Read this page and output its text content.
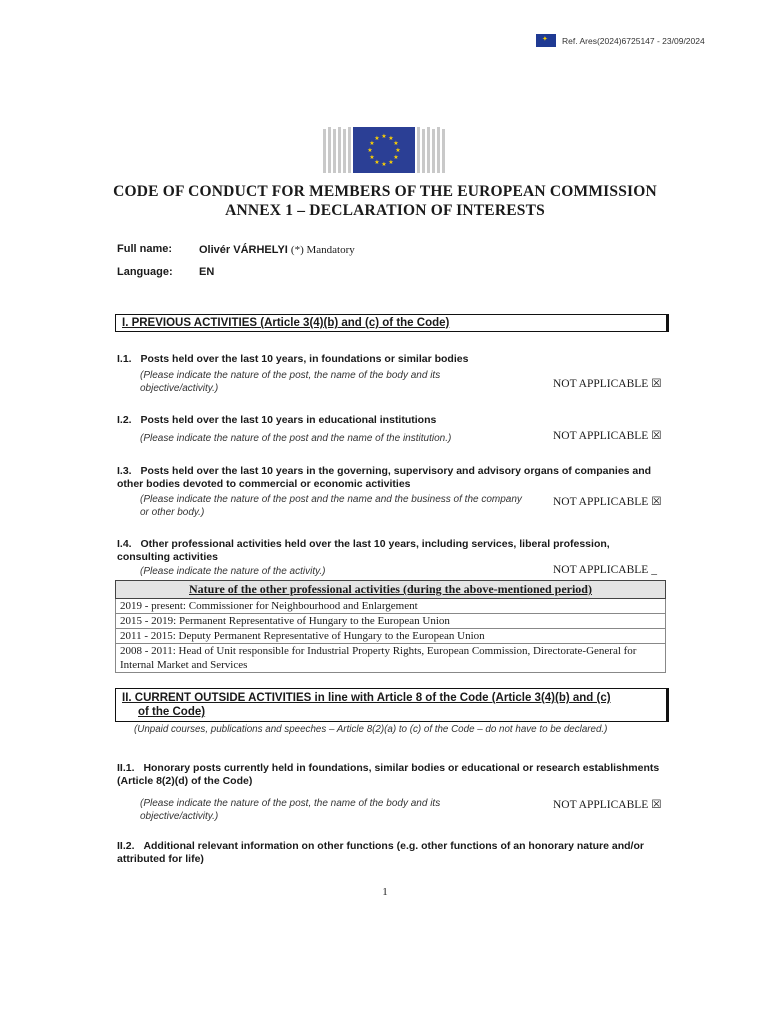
✦
Ref. Ares(2024)6725147 - 23/09/2024
★ ★
★
★
★
★
★
★
★
★
★
★
CODE OF CONDUCT FOR MEMBERS OF THE EUROPEAN COMMISSION
ANNEX 1 – DECLARATION OF INTERESTS
Full name: Olivér VÁRHELYI (*) Mandatory
Language: EN
I. PREVIOUS ACTIVITIES (Article 3(4)(b) and (c) of the Code)
I.1. Posts held over the last 10 years, in foundations or similar bodies
(Please indicate the nature of the post, the name of the body and its objective/activity.)	NOT APPLICABLE ☒
I.2. Posts held over the last 10 years in educational institutions
(Please indicate the nature of the post and the name of the institution.)	NOT APPLICABLE ☒
I.3. Posts held over the last 10 years in the governing, supervisory and advisory organs of companies and other bodies devoted to commercial or economic activities
(Please indicate the nature of the post and the name and the business of the company or other body.)
NOT APPLICABLE ☒
I.4. Other professional activities held over the last 10 years, including services, liberal profession, consulting activities
(Please indicate the nature of the activity.)	NOT APPLICABLE _
Nature of the other professional activities (during the above-mentioned period)
2019 - present: Commissioner for Neighbourhood and Enlargement
2015 - 2019: Permanent Representative of Hungary to the European Union
2011 - 2015: Deputy Permanent Representative of Hungary to the European Union
2008 - 2011: Head of Unit responsible for Industrial Property Rights, European Commission, Directorate-General for Internal Market and Services
II. CURRENT OUTSIDE ACTIVITIES in line with Article 8 of the Code (Article 3(4)(b) and (c)
of the Code)
(Unpaid courses, publications and speeches – Article 8(2)(a) to (c) of the Code – do not have to be declared.)
II.1. Honorary posts currently held in foundations, similar bodies or educational or research establishments (Article 8(2)(d) of the Code)
(Please indicate the nature of the post, the name of the body and its objective/activity.)
NOT APPLICABLE ☒
II.2. Additional relevant information on other functions (e.g. other functions of an honorary nature and/or attributed for life)
1
